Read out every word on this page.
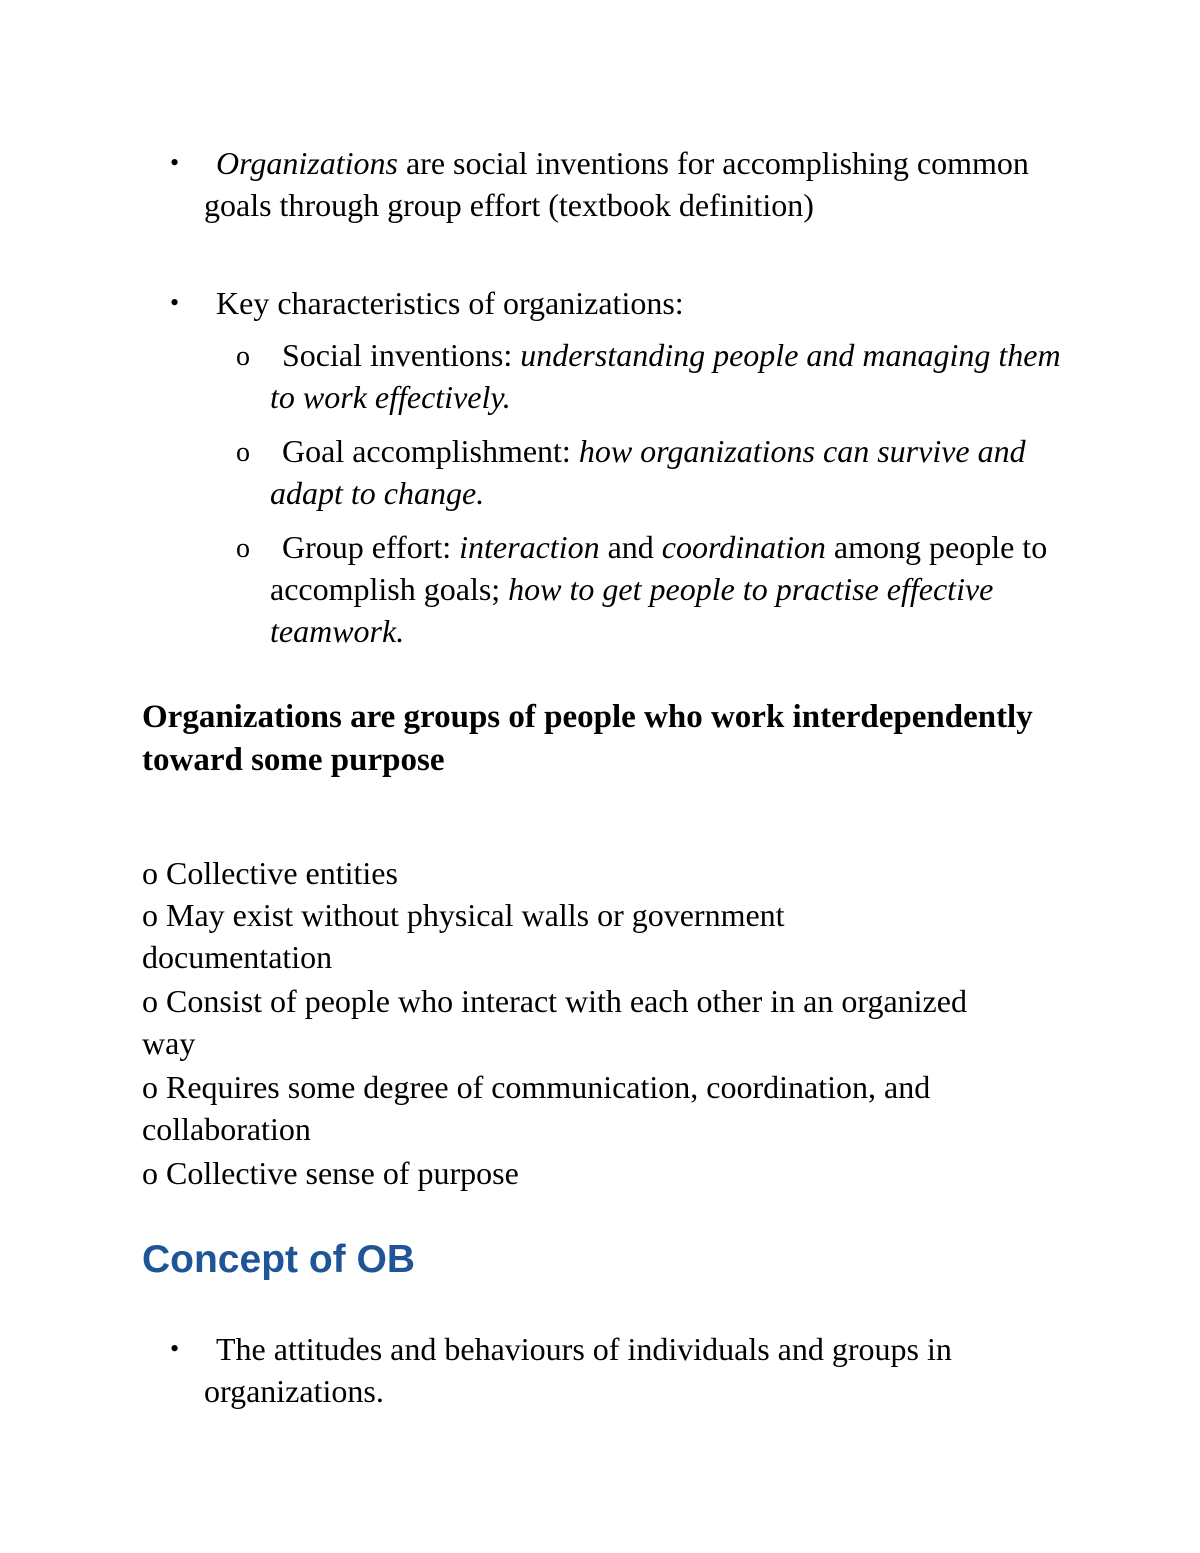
•	Organizations are social inventions for accomplishing common goals through group effort (textbook definition)
•	Key characteristics of organizations:
o Social inventions: understanding people and managing them to work effectively.
o Goal accomplishment: how organizations can survive and adapt to change.
o Group effort: interaction and coordination among people to accomplish goals; how to get people to practise effective teamwork.
Organizations are groups of people who work interdependently toward some purpose
o Collective entities
o May exist without physical walls or government documentation
o Consist of people who interact with each other in an organized way
o Requires some degree of communication, coordination, and collaboration
o Collective sense of purpose
Concept of OB
•	The attitudes and behaviours of individuals and groups in organizations.
